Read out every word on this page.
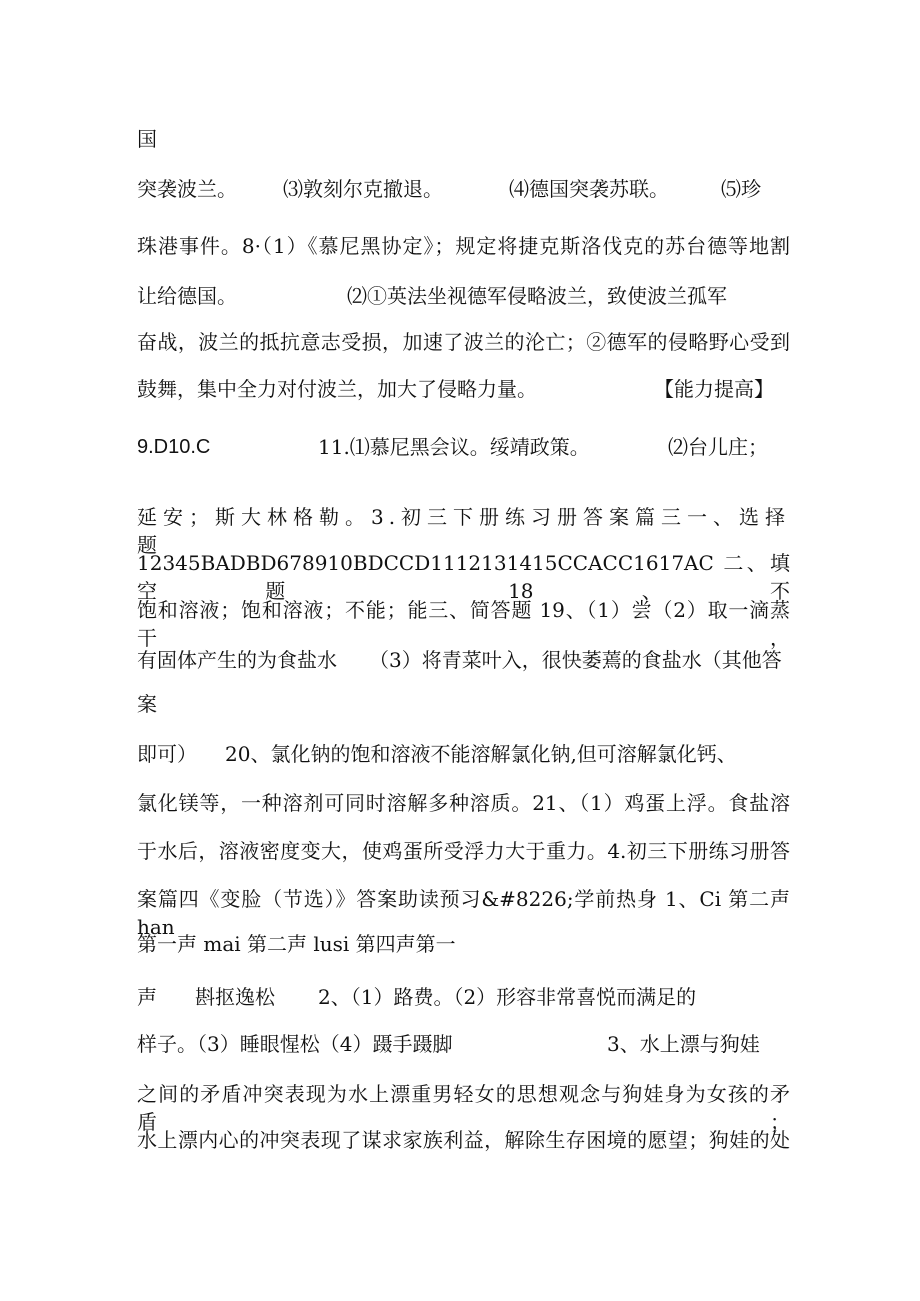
国
突袭波兰。 ⑶敦刻尔克撤退。	⑷德国突袭苏联。	⑸珍
珠港事件。8·（1）《慕尼黑协定》；规定将捷克斯洛伐克的苏台德等地割
让给德国。	⑵①英法坐视德军侵略波兰，致使波兰孤军
奋战，波兰的抵抗意志受损，加速了波兰的沦亡；②德军的侵略野心受到
鼓舞，集中全力对付波兰，加大了侵略力量。	【能力提高】
9.D10.C	11.⑴慕尼黑会议。绥靖政策。	⑵台儿庄；
延安；斯大林格勒。3.初三下册练习册答案篇三一、选择题
12345BADBD678910BDCCD1112131415CCACC1617AC 二、填空题 18、不
饱和溶液；饱和溶液；不能；能三、简答题 19、（1）尝（2）取一滴蒸干，
有固体产生的为食盐水 （3）将青菜叶入，很快萎蔫的食盐水（其他答
案
即可） 20、氯化钠的饱和溶液不能溶解氯化钠,但可溶解氯化钙、
氯化镁等，一种溶剂可同时溶解多种溶质。21、（1）鸡蛋上浮。食盐溶
于水后，溶液密度变大，使鸡蛋所受浮力大于重力。4.初三下册练习册答
案篇四《变脸（节选）》答案助读预习&#8226;学前热身 1、Ci 第二声 han
第一声 mai 第二声 lusi 第四声第一
声 斟抠逸松 2、（1）路费。（2）形容非常喜悦而满足的
样子。（3）睡眼惺松（4）蹑手蹑脚	3、水上漂与狗娃
之间的矛盾冲突表现为水上漂重男轻女的思想观念与狗娃身为女孩的矛盾；
水上漂内心的冲突表现了谋求家族利益，解除生存困境的愿望；狗娃的处
